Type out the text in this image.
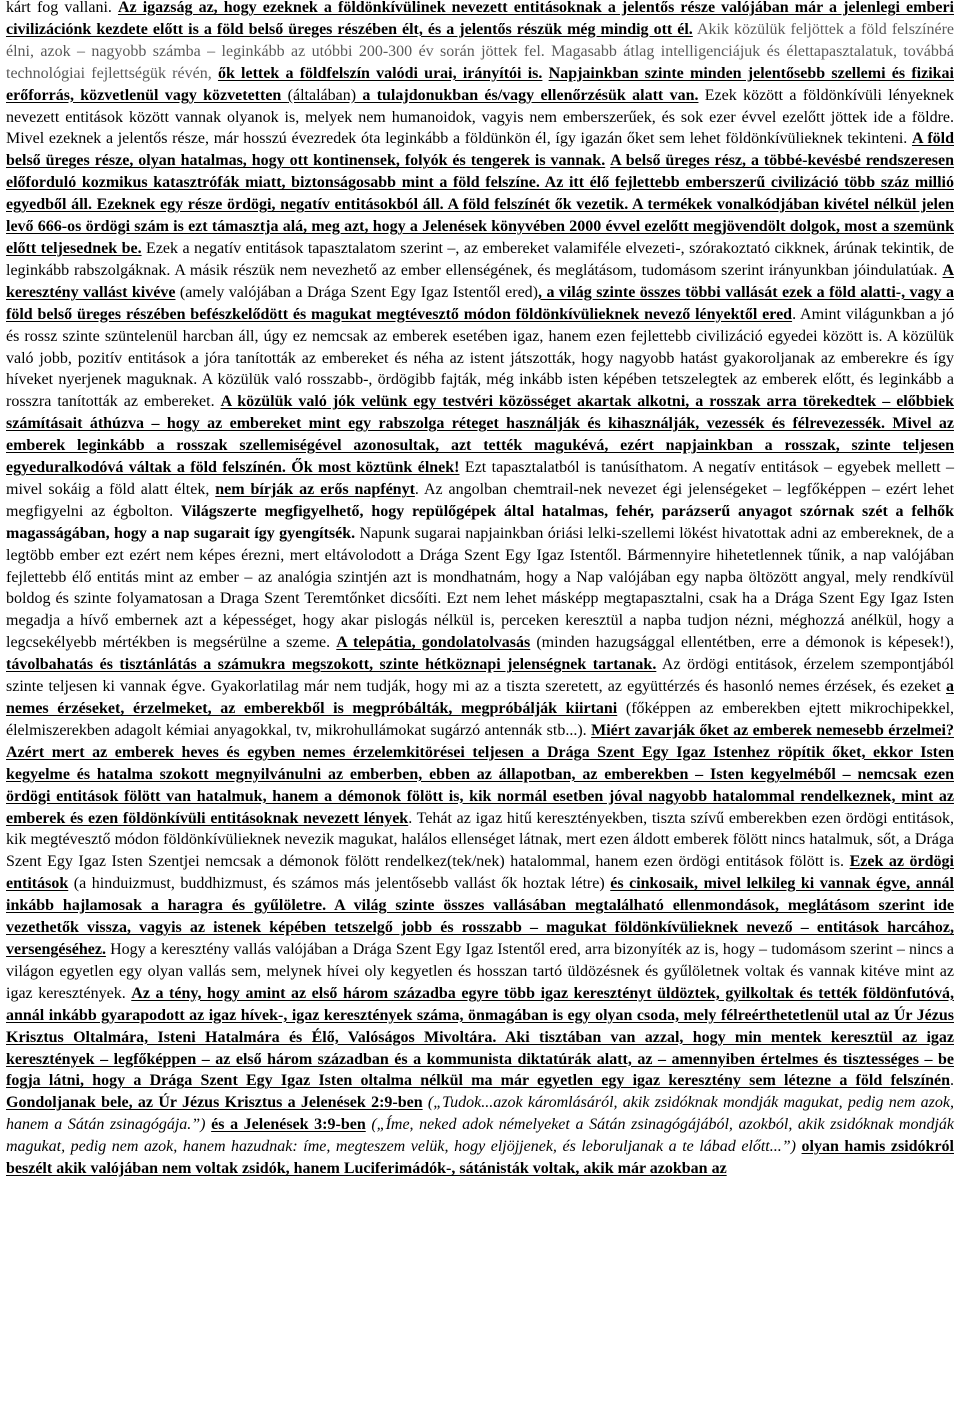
kárt fog vallani. Az igazság az, hogy ezeknek a földönkívülinek nevezett entitásoknak a jelentős része valójában már a jelenlegi emberi civilizációnk kezdete előtt is a föld belső üreges részében élt, és a jelentős részük még mindig ott él. Akik közülük feljöttek a föld felszínére élni, azok – nagyobb számba – leginkább az utóbbi 200-300 év során jöttek fel. Magasabb átlag intelligenciájuk és élettapasztalatuk, továbbá technológiai fejlettségük révén, ők lettek a földfelszín valódi urai, irányítói is. Napjainkban szinte minden jelentősebb szellemi és fizikai erőforrás, közvetlenül vagy közvetetten (általában) a tulajdonukban és/vagy ellenőrzésük alatt van. Ezek között a földönkívüli lényeknek nevezett entitások között vannak olyanok is, melyek nem humanoidok, vagyis nem emberszerűek, és sok ezer évvel ezelőtt jöttek ide a földre. Mivel ezeknek a jelentős része, már hosszú évezredek óta leginkább a földünkön él, így igazán őket sem lehet földönkívülieknek tekinteni. A föld belső üreges része, olyan hatalmas, hogy ott kontinensek, folyók és tengerek is vannak. A belső üreges rész, a többé-kevésbé rendszeresen előforduló kozmikus katasztrófák miatt, biztonságosabb mint a föld felszíne. Az itt élő fejlettebb emberszerű civilizáció több száz millió egyedből áll. Ezeknek egy része ördögi, negatív entitásokból áll. A föld felszínét ők vezetik. A termékek vonalkódjában kivétel nélkül jelen levő 666-os ördögi szám is ezt támasztja alá, meg azt, hogy a Jelenések könyvében 2000 évvel ezelőtt megjövendölt dolgok, most a szemünk előtt teljesednek be. Ezek a negatív entitások tapasztalatom szerint –, az embereket valamiféle elvezeti-, szórakoztató cikknek, árúnak tekintik, de leginkább rabszolgáknak. A másik részük nem nevezhető az ember ellenségének, és meglátásom, tudomásom szerint irányunkban jóindulatúak. A keresztény vallást kivéve (amely valójában a Drága Szent Egy Igaz Istentől ered), a világ szinte összes többi vallását ezek a föld alatti-, vagy a föld belső üreges részében befészkelődött és magukat megtévesztő módon földönkívülieknek nevező lényektől ered. Amint világunkban a jó és rossz szinte szüntelenül harcban áll, úgy ez nemcsak az emberek esetében igaz, hanem ezen fejlettebb civilizáció egyedei között is. A közülük való jobb, pozitív entitások a jóra tanították az embereket és néha az istent játszották, hogy nagyobb hatást gyakoroljanak az emberekre és így híveket nyerjenek maguknak. A közülük való rosszabb-, ördögibb fajták, még inkább isten képében tetszelegtek az emberek előtt, és leginkább a rosszra tanították az embereket. A közülük való jók velünk egy testvéri közösséget akartak alkotni, a rosszak arra törekedtek – előbbiek számításait áthúzva – hogy az embereket mint egy rabszolga réteget használják és kihasználják, vezessék és félrevezessék. Mivel az emberek leginkább a rosszak szellemiségével azonosultak, azt tették magukévá, ezért napjainkban a rosszak, szinte teljesen egyeduralkodóvá váltak a föld felszínén. Ők most köztünk élnek! Ezt tapasztalatból is tanúsíthatom. A negatív entitások – egyebek mellett – mivel sokáig a föld alatt éltek, nem bírják az erős napfényt. Az angolban chemtrail-nek nevezet égi jelenségeket – legfőképpen – ezért lehet megfigyelni az égbolton. Világszerte megfigyelhető, hogy repülőgépek által hatalmas, fehér, parázserű anyagot szórnak szét a felhők magasságában, hogy a nap sugarait így gyengítsék. Napunk sugarai napjainkban óriási lelki-szellemi lökést hivatottak adni az embereknek, de a legtöbb ember ezt ezért nem képes érezni, mert eltávolodott a Drága Szent Egy Igaz Istentől. Bármennyire hihetetlennek tűnik, a nap valójában fejlettebb élő entitás mint az ember – az analógia szintjén azt is mondhatnám, hogy a Nap valójában egy napba öltözött angyal, mely rendkívül boldog és szinte folyamatosan a Draga Szent Teremtőnket dicsőíti. Ezt nem lehet másképp megtapasztalni, csak ha a Drága Szent Egy Igaz Isten megadja a hívő embernek azt a képességet, hogy akar pislogás nélkül is, perceken keresztül a napba tudjon nézni, méghozzá anélkül, hogy a legcsekélyebb mértékben is megsérülne a szeme. A telepátia, gondolatolvasás (minden hazugsággal ellentétben, erre a démonok is képesek!), távolbahatás és tisztánlátás a számukra megszokott, szinte hétköznapi jelenségnek tartanak. Az ördögi entitások, érzelem szempontjából szinte teljesen ki vannak égve. Gyakorlatilag már nem tudják, hogy mi az a tiszta szeretett, az együttérzés és hasonló nemes érzések, és ezeket a nemes érzéseket, érzelmeket, az emberekből is megpróbálták, megpróbálják kiirtani (főképpen az emberekben ejtett mikrochipekkel, élelmiszerekben adagolt kémiai anyagokkal, tv, mikrohullámokat sugárzó antennák stb...). Miért zavarják őket az emberek nemesebb érzelmei? Azért mert az emberek heves és egyben nemes érzelemkitörései teljesen a Drága Szent Egy Igaz Istenhez röpítik őket, ekkor Isten kegyelme és hatalma szokott megnyilvánulni az emberben, ebben az állapotban, az emberekben – Isten kegyelméből – nemcsak ezen ördögi entitások fölött van hatalmuk, hanem a démonok fölött is, kik normál esetben jóval nagyobb hatalommal rendelkeznek, mint az emberek és ezen földönkívüli entitásoknak nevezett lények. Tehát az igaz hitű keresztényekben, tiszta szívű emberekben ezen ördögi entitások, kik megtévesztő módon földönkívülieknek nevezik magukat, halálos ellenséget látnak, mert ezen áldott emberek fölött nincs hatalmuk, sőt, a Drága Szent Egy Igaz Isten Szentjei nemcsak a démonok fölött rendelkez(tek/nek) hatalommal, hanem ezen ördögi entitások fölött is. Ezek az ördögi entitások (a hinduizmust, buddhizmust, és számos más jelentősebb vallást ők hoztak létre) és cinkosaik, mivel lelkileg ki vannak égve, annál inkább hajlamosak a haragra és gyűlöletre. A világ szinte összes vallásában megtalálható ellenmondások, meglátásom szerint ide vezethetők vissza, vagyis az istenek képében tetszelgő jobb és rosszabb – magukat földönkívülieknek nevező – entitások harcához, versengéséhez. Hogy a keresztény vallás valójában a Drága Szent Egy Igaz Istentől ered, arra bizonyíték az is, hogy – tudomásom szerint – nincs a világon egyetlen egy olyan vallás sem, melynek hívei oly kegyetlen és hosszan tartó üldözésnek és gyűlöletnek voltak és vannak kitéve mint az igaz keresztények. Az a tény, hogy amint az első három századba egyre több igaz keresztényt üldöztek, gyilkoltak és tették földönfutóvá, annál inkább gyarapodott az igaz hívek-, igaz keresztények száma, önmagában is egy olyan csoda, mely félreérthetetlenül utal az Úr Jézus Krisztus Oltalmára, Isteni Hatalmára és Élő, Valóságos Mivoltára. Aki tisztában van azzal, hogy min mentek keresztül az igaz keresztények – legfőképpen – az első három században és a kommunista diktatúrák alatt, az – amennyiben értelmes és tisztességes – be fogja látni, hogy a Drága Szent Egy Igaz Isten oltalma nélkül ma már egyetlen egy igaz keresztény sem létezne a föld felszínén. Gondoljanak bele, az Úr Jézus Krisztus a Jelenések 2:9-ben („Tudok...azok káromlásáról, akik zsidóknak mondják magukat, pedig nem azok, hanem a Sátán zsinagógája.”) és a Jelenések 3:9-ben („Íme, neked adok némelyeket a Sátán zsinagógájából, azokból, akik zsidóknak mondják magukat, pedig nem azok, hanem hazudnak: íme, megteszem velük, hogy eljöjjenek, és leboruljanak a te lábad előtt...”) olyan hamis zsidókról beszélt akik valójában nem voltak zsidók, hanem Luciferimádók-, sátánisták voltak, akik már azokban az
